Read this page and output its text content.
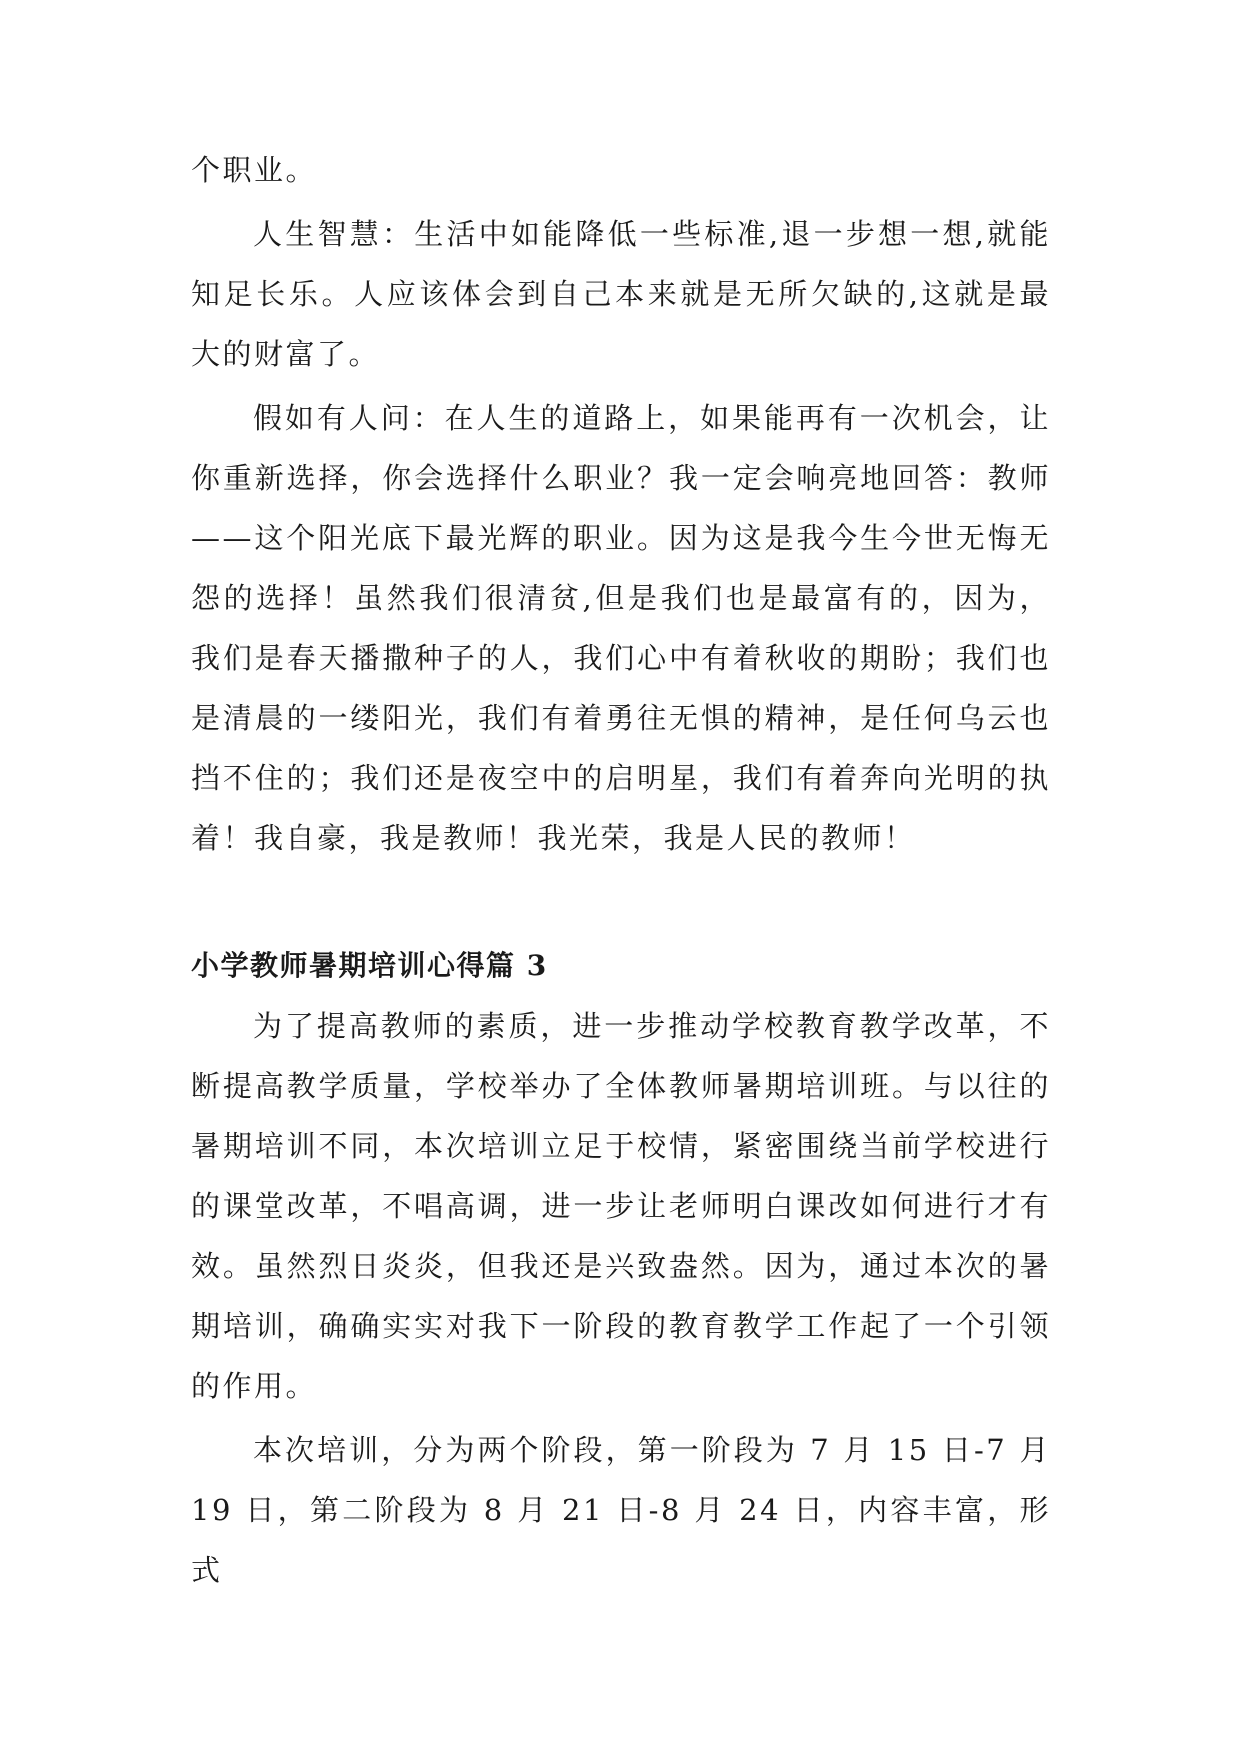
个职业。

人生智慧：生活中如能降低一些标准,退一步想一想,就能知足长乐。人应该体会到自己本来就是无所欠缺的,这就是最大的财富了。

假如有人问：在人生的道路上，如果能再有一次机会，让你重新选择，你会选择什么职业？我一定会响亮地回答：教师——这个阳光底下最光辉的职业。因为这是我今生今世无悔无怨的选择！虽然我们很清贫,但是我们也是最富有的，因为，我们是春天播撒种子的人，我们心中有着秋收的期盼；我们也是清晨的一缕阳光，我们有着勇往无惧的精神，是任何乌云也挡不住的；我们还是夜空中的启明星，我们有着奔向光明的执着！我自豪，我是教师！我光荣，我是人民的教师！

小学教师暑期培训心得篇 3

为了提高教师的素质，进一步推动学校教育教学改革，不断提高教学质量，学校举办了全体教师暑期培训班。与以往的暑期培训不同，本次培训立足于校情，紧密围绕当前学校进行的课堂改革，不唱高调，进一步让老师明白课改如何进行才有效。虽然烈日炎炎，但我还是兴致盎然。因为，通过本次的暑期培训，确确实实对我下一阶段的教育教学工作起了一个引领的作用。

本次培训，分为两个阶段，第一阶段为 7 月 15 日-7 月 19 日，第二阶段为 8 月 21 日-8 月 24 日，内容丰富，形式
